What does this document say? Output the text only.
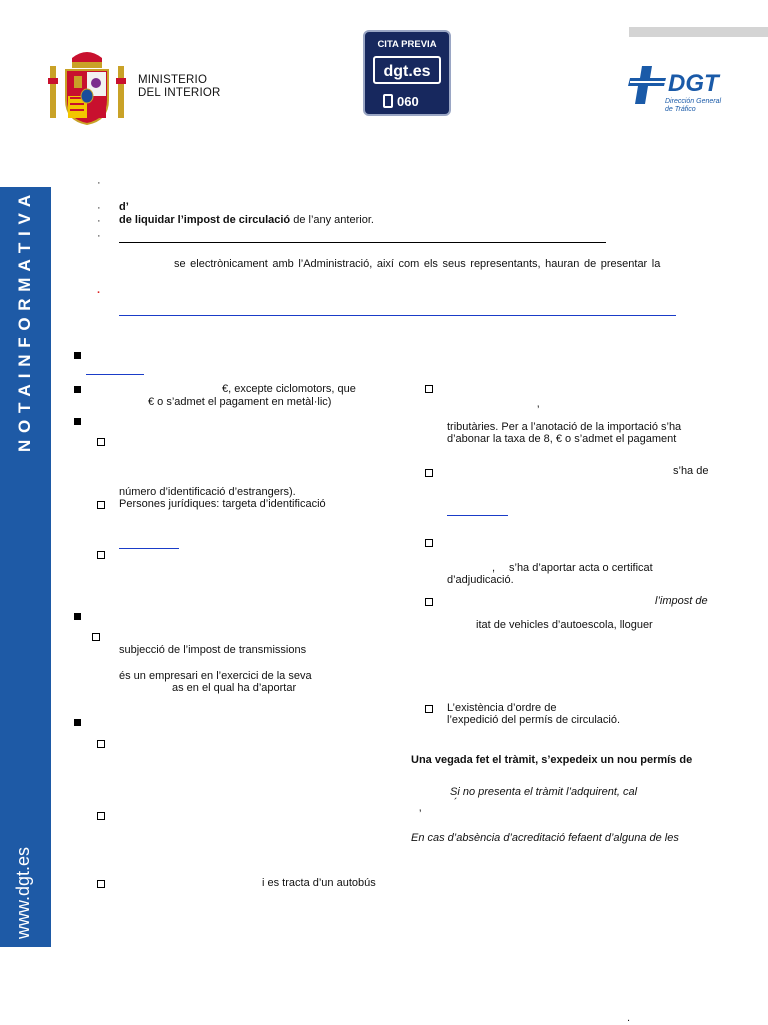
MINISTERIO
DEL INTERIOR
CITA PREVIA
dgt.es
060
DGT
Dirección General
de Tráfico
N O T A I N F O R M A T I V A
www.dgt.es
·
· d’
· de liquidar l’impost de circulació de l’any anterior.
·
se electrònicament amb l’Administració, així com els seus representants, hauran de presentar la
.
€, excepte ciclomotors, que
€ o s’admet el pagament en metàl·lic)
número d’identificació d’estrangers).
Persones jurídiques: targeta d’identificació
subjecció de l’impost de transmissions
és un empresari en l’exercici de la seva
as en el qual ha d’aportar
i es tracta d’un autobús
’
tributàries. Per a l’anotació de la importació s’ha
d’abonar la taxa de 8, € o s’admet el pagament
s’ha de
, s’ha d’aportar acta o certificat
d’adjudicació.
l’impost de
itat de vehicles d’autoescola, lloguer
L’existència d’ordre de
l’expedició del permís de circulació.
Una vegada fet el tràmit, s’expedeix un nou permís de
Si no presenta el tràmit l’adquirent, cal
´
’
En cas d’absència d’acreditació fefaent d’alguna de les
.
